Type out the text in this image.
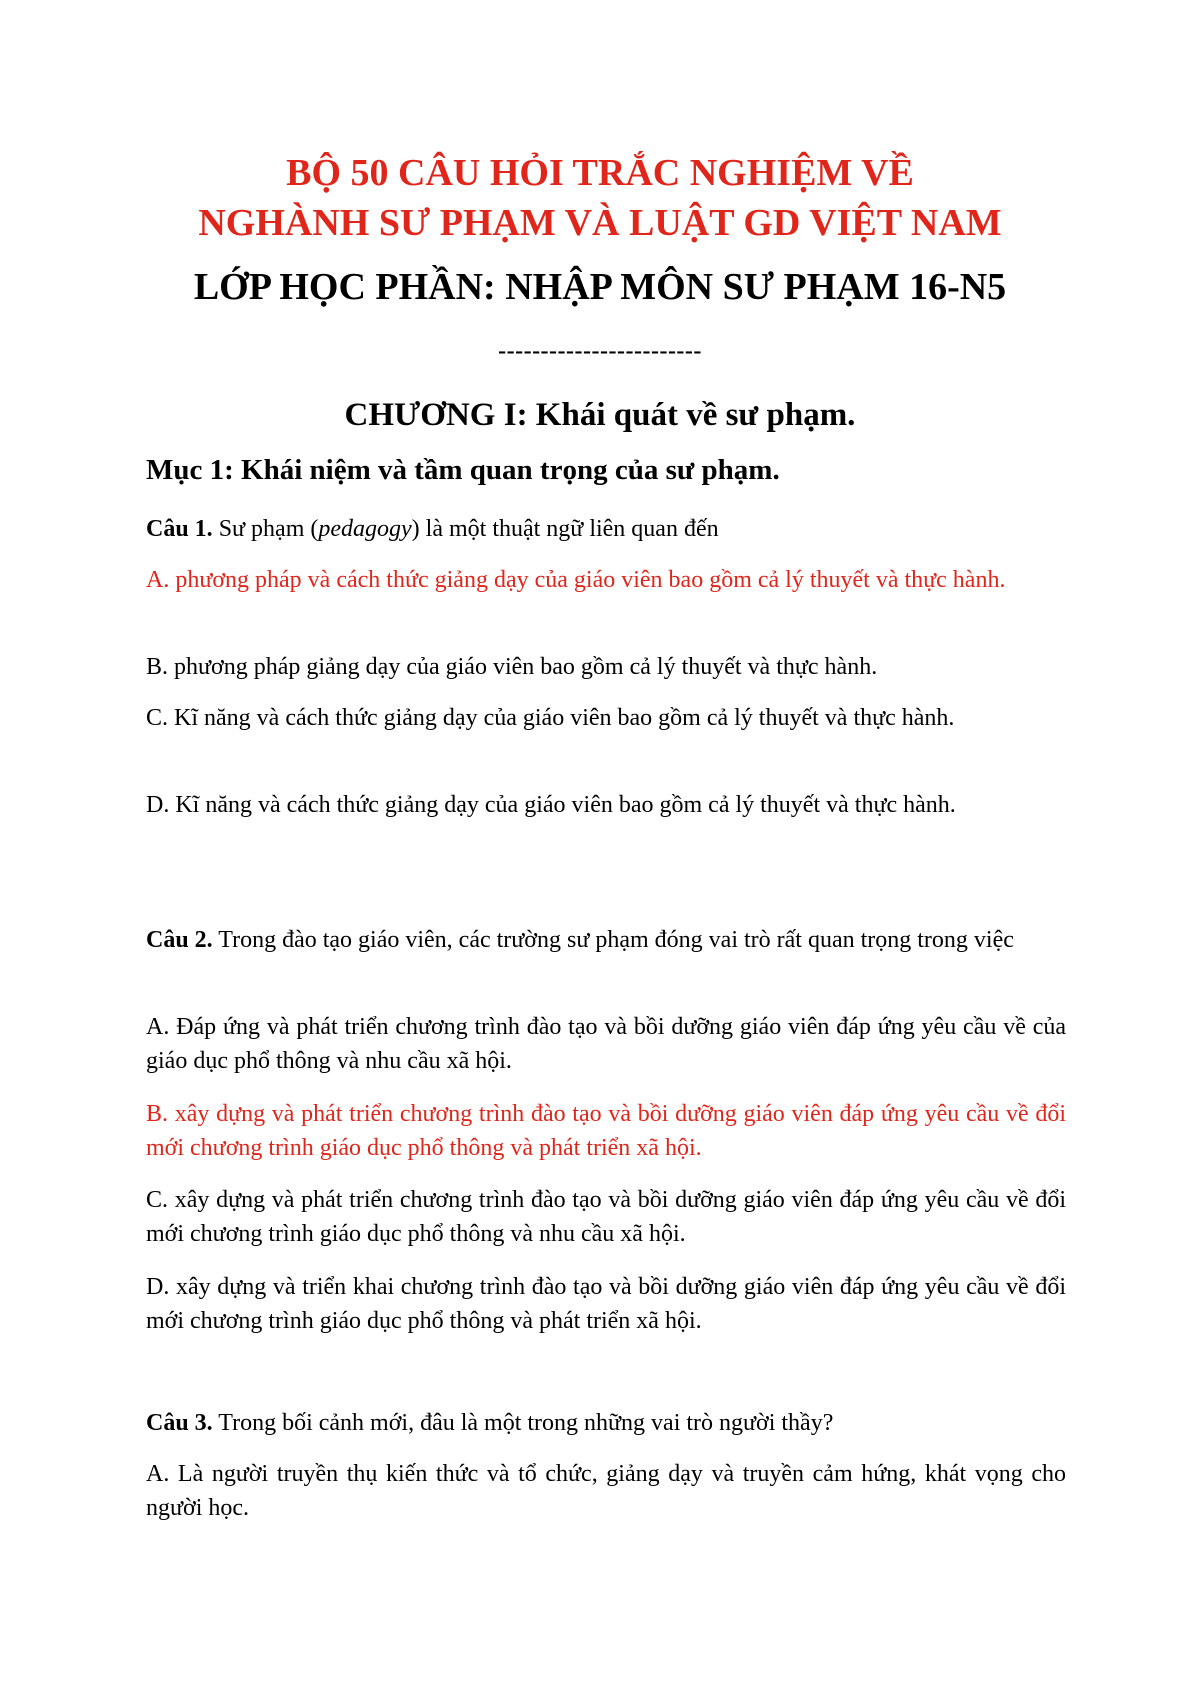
BỘ 50 CÂU HỎI TRẮC NGHIỆM VỀ
NGHÀNH SƯ PHẠM VÀ LUẬT GD VIỆT NAM
LỚP HỌC PHẦN: NHẬP MÔN SƯ PHẠM 16-N5
------------------------
CHƯƠNG I: Khái quát về sư phạm.
Mục 1: Khái niệm và tầm quan trọng của sư phạm.
Câu 1. Sư phạm (pedagogy) là một thuật ngữ liên quan đến
A. phương pháp và cách thức giảng dạy của giáo viên bao gồm cả lý thuyết và thực hành.
B. phương pháp giảng dạy của giáo viên bao gồm cả lý thuyết và thực hành.
C. Kĩ năng và cách thức giảng dạy của giáo viên bao gồm cả lý thuyết và thực hành.
D. Kĩ năng và cách thức giảng dạy của giáo viên bao gồm cả lý thuyết và thực hành.
Câu 2. Trong đào tạo giáo viên, các trường sư phạm đóng vai trò rất quan trọng trong việc
A. Đáp ứng và phát triển chương trình đào tạo và bồi dưỡng giáo viên đáp ứng yêu cầu về của giáo dục phổ thông và nhu cầu xã hội.
B. xây dựng và phát triển chương trình đào tạo và bồi dưỡng giáo viên đáp ứng yêu cầu về đổi mới chương trình giáo dục phổ thông và phát triển xã hội.
C. xây dựng và phát triển chương trình đào tạo và bồi dưỡng giáo viên đáp ứng yêu cầu về đổi mới chương trình giáo dục phổ thông và nhu cầu xã hội.
D. xây dựng và triển khai chương trình đào tạo và bồi dưỡng giáo viên đáp ứng yêu cầu về đổi mới chương trình giáo dục phổ thông và phát triển xã hội.
Câu 3. Trong bối cảnh mới, đâu là một trong những vai trò người thầy?
A. Là người truyền thụ kiến thức và tổ chức, giảng dạy và truyền cảm hứng, khát vọng cho người học.
